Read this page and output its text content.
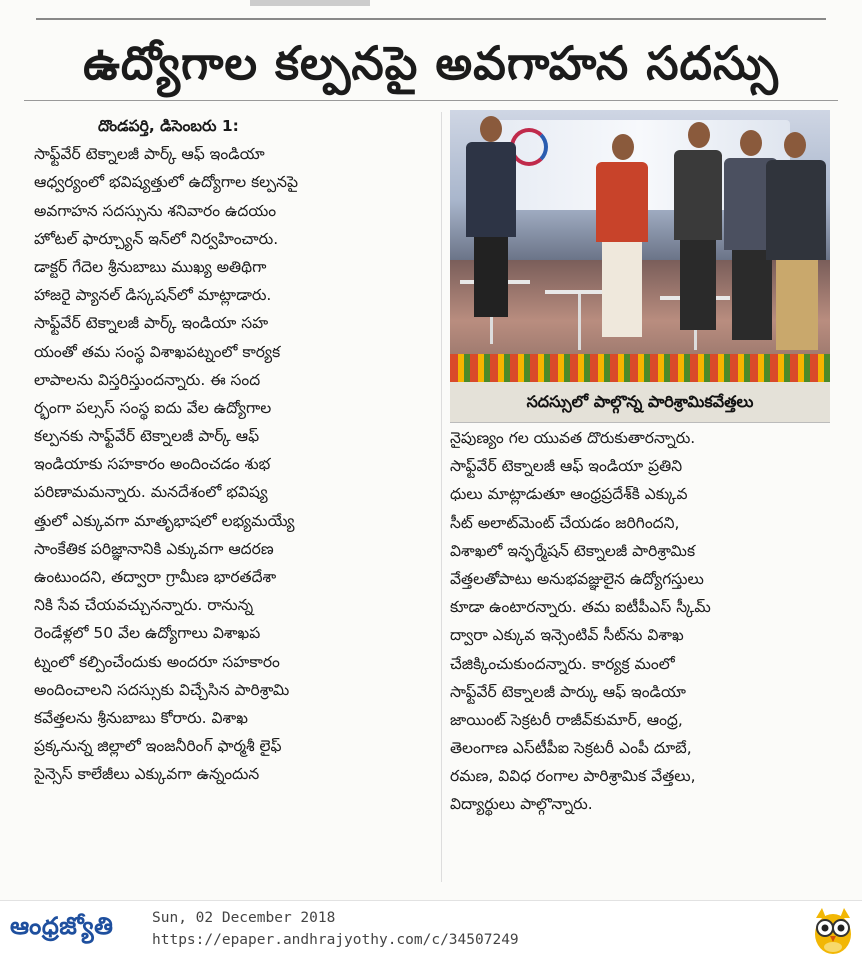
ఉద్యోగాల కల్పనపై అవగాహన సదస్సు
దొండపర్తి, డిసెంబరు 1:
సాఫ్ట్‌వేర్ టెక్నాలజీ పార్క్ ఆఫ్ ఇండియా
ఆధ్వర్యంలో భవిష్యత్తులో ఉద్యోగాల కల్పనపై
అవగాహన సదస్సును శనివారం ఉదయం
హోటల్ ఫార్చ్యూన్ ఇన్‌లో నిర్వహించారు.
డాక్టర్ గేదెల శ్రీనుబాబు ముఖ్య అతిథిగా
హాజరై ప్యానల్ డిస్కషన్‌లో మాట్లాడారు.
సాఫ్ట్‌వేర్ టెక్నాలజీ పార్క్ ఇండియా సహ
యంతో తమ సంస్థ విశాఖపట్నంలో కార్యక
లాపాలను విస్తరిస్తుందన్నారు. ఈ సంద
ర్భంగా పల్సస్ సంస్థ ఐదు వేల ఉద్యోగాల
కల్పనకు సాఫ్ట్‌వేర్ టెక్నాలజీ పార్క్ ఆఫ్
ఇండియాకు సహకారం అందించడం శుభ
పరిణామమన్నారు. మనదేశంలో భవిష్య
త్తులో ఎక్కువగా మాతృభాషలో లభ్యమయ్యే
సాంకేతిక పరిజ్ఞానానికి ఎక్కువగా ఆదరణ
ఉంటుందని, తద్వారా గ్రామీణ భారతదేశా
నికి సేవ చేయవచ్చునన్నారు. రానున్న
రెండేళ్లలో 50 వేల ఉద్యోగాలు విశాఖప
ట్నంలో కల్పించేందుకు అందరూ సహకారం
అందించాలని సదస్సుకు విచ్చేసిన పారిశ్రామి
కవేత్తలను శ్రీనుబాబు కోరారు. విశాఖ
ప్రక్కనున్న జిల్లాలో ఇంజనీరింగ్ ఫార్మశీ లైఫ్
సైన్సెస్ కాలేజీలు ఎక్కువగా ఉన్నందున
సదస్సులో పాల్గొన్న పారిశ్రామికవేత్తలు
నైపుణ్యం గల యువత దొరుకుతారన్నారు.
సాఫ్ట్‌వేర్ టెక్నాలజీ ఆఫ్ ఇండియా ప్రతిని
ధులు మాట్లాడుతూ ఆంధ్రప్రదేశ్‌కి ఎక్కువ
సీట్ అలాట్‌మెంట్ చేయడం జరిగిందని,
విశాఖలో ఇన్ఫర్మేషన్ టెక్నాలజీ పారిశ్రామిక
వేత్తలతోపాటు అనుభవజ్ఞులైన ఉద్యోగస్తులు
కూడా ఉంటారన్నారు. తమ ఐటీపీఎస్ స్కీమ్
ద్వారా ఎక్కువ ఇన్సెంటివ్ సీట్‌ను విశాఖ
చేజిక్కించుకుందన్నారు. కార్యక్ర మంలో
సాఫ్ట్‌వేర్ టెక్నాలజీ పార్కు ఆఫ్ ఇండియా
జాయింట్ సెక్రటరీ రాజీవ్‌కుమార్, ఆంధ్ర,
తెలంగాణ ఎస్‌టీపీఐ సెక్రటరీ ఎంపీ దూబే,
రమణ, వివిధ రంగాల పారిశ్రామిక వేత్తలు,
విద్యార్థులు పాల్గొన్నారు.
ఆంధ్రజ్యోతి	Sun, 02 December 2018
https://epaper.andhrajyothy.com/c/34507249
